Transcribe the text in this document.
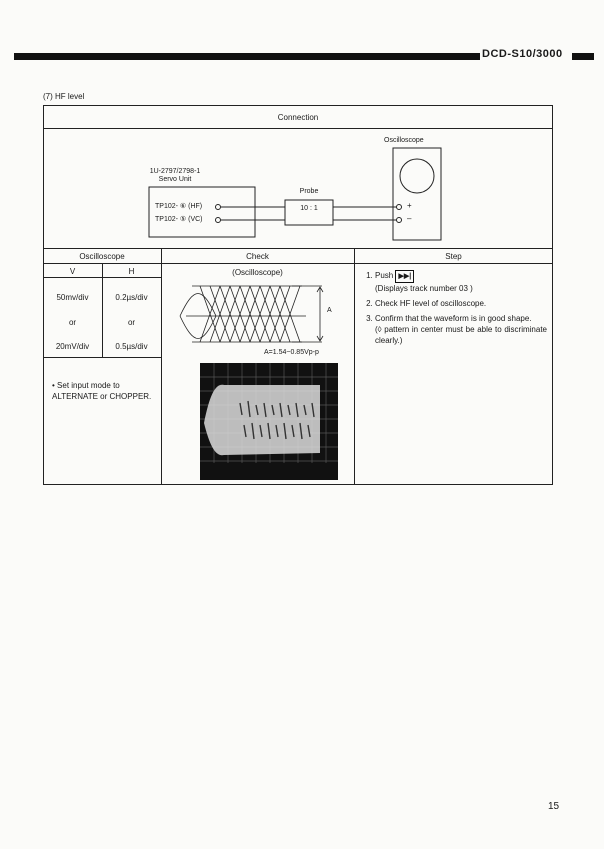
DCD-S10/3000
(7) HF level
Connection
Oscilloscope
1U-2797/2798-1
Servo Unit
TP102- ⑥ (HF)
TP102- ⑤ (VC)
Probe
10 : 1	+
–
Oscilloscope	Check	Step
V	H
50mv/div	0.2µs/div
or	or
20mV/div	0.5µs/div
• Set input mode to ALTERNATE or CHOPPER.
(Oscilloscope)
A
A=1.54~0.85Vp-p
1. Push ▶▶|
(Displays track number 03 )
2. Check HF level of oscilloscope.
3. Confirm that the waveform is in good shape.
(◊ pattern in center must be able to discriminate clearly.)
15
